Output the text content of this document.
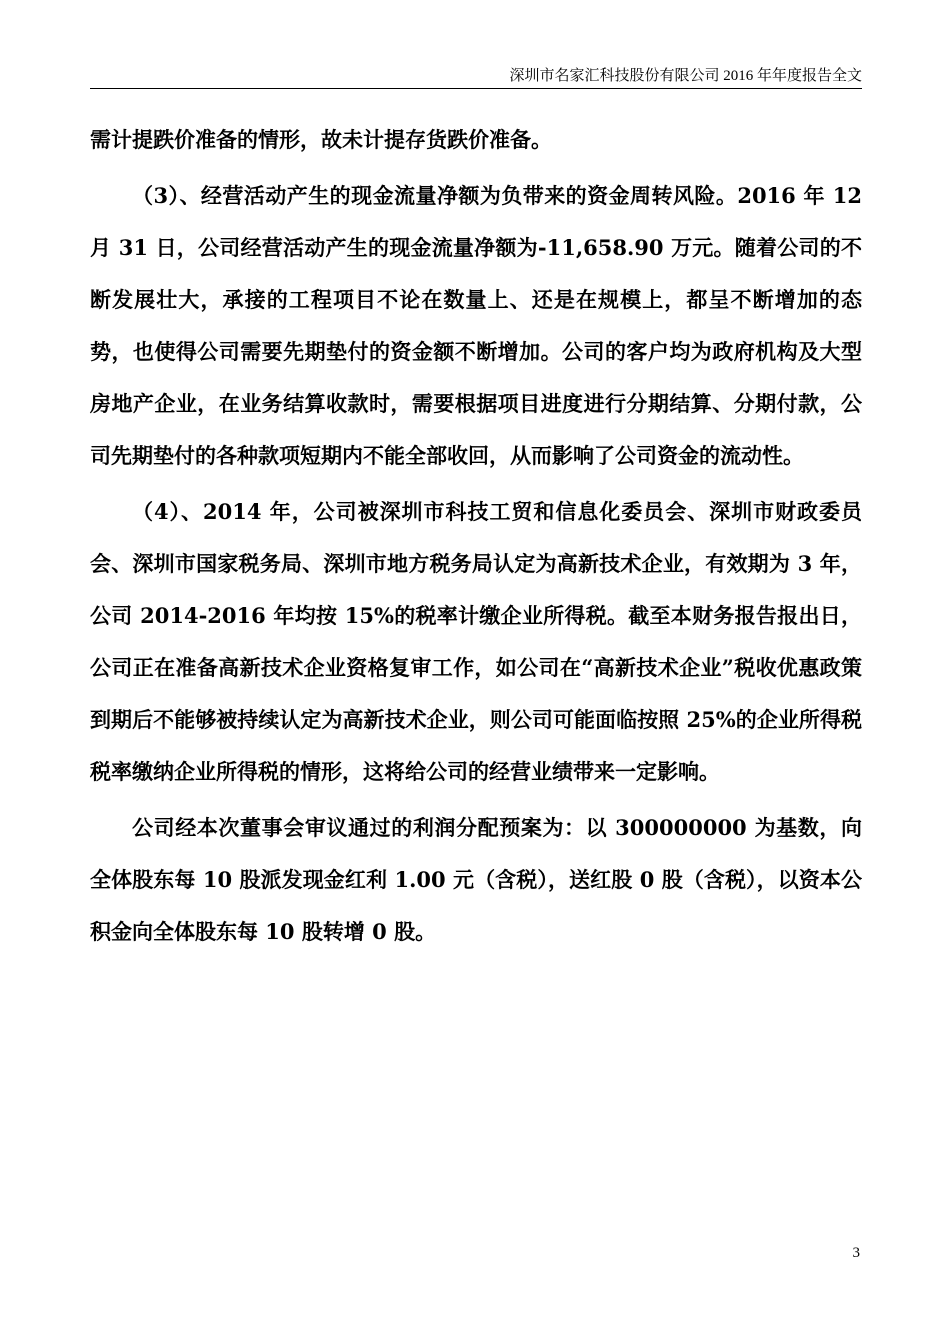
深圳市名家汇科技股份有限公司 2016 年年度报告全文

需计提跌价准备的情形，故未计提存货跌价准备。

（3）、经营活动产生的现金流量净额为负带来的资金周转风险。2016 年 12 月 31 日，公司经营活动产生的现金流量净额为-11,658.90 万元。随着公司的不断发展壮大，承接的工程项目不论在数量上、还是在规模上，都呈不断增加的态势，也使得公司需要先期垫付的资金额不断增加。公司的客户均为政府机构及大型房地产企业，在业务结算收款时，需要根据项目进度进行分期结算、分期付款，公司先期垫付的各种款项短期内不能全部收回，从而影响了公司资金的流动性。

（4）、2014 年，公司被深圳市科技工贸和信息化委员会、深圳市财政委员会、深圳市国家税务局、深圳市地方税务局认定为高新技术企业，有效期为 3 年，公司 2014-2016 年均按 15%的税率计缴企业所得税。截至本财务报告报出日，公司正在准备高新技术企业资格复审工作，如公司在“高新技术企业”税收优惠政策到期后不能够被持续认定为高新技术企业，则公司可能面临按照 25%的企业所得税税率缴纳企业所得税的情形，这将给公司的经营业绩带来一定影响。

公司经本次董事会审议通过的利润分配预案为：以 300000000 为基数，向全体股东每 10 股派发现金红利 1.00 元（含税），送红股 0 股（含税），以资本公积金向全体股东每 10 股转增 0 股。

3
